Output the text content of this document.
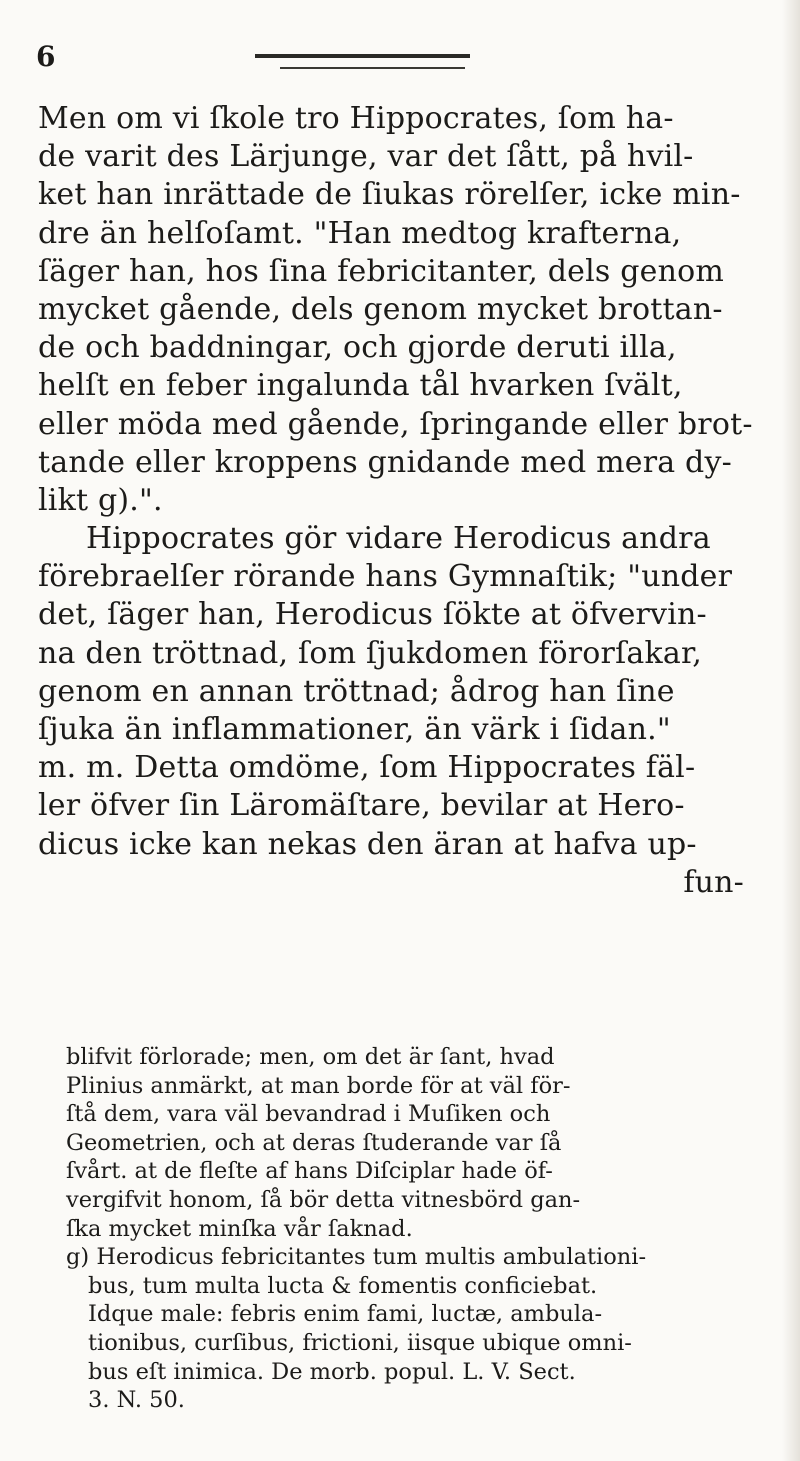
6
Men om vi ſkole tro Hippocrates, ſom ha-
de varit des Lärjunge, var det ſått, på hvil-
ket han inrättade de ſiukas rörelſer, icke min-
dre än helſoſamt. "Han medtog krafterna,
ſäger han, hos ſina febricitanter, dels genom
mycket gående, dels genom mycket brottan-
de och baddningar, och gjorde deruti illa,
helſt en feber ingalunda tål hvarken ſvält,
eller möda med gående, ſpringande eller brot-
tande eller kroppens gnidande med mera dy-
likt g).".
Hippocrates gör vidare Herodicus andra
förebraelſer rörande hans Gymnaſtik; "under
det, ſäger han, Herodicus ſökte at öfvervin-
na den tröttnad, ſom ſjukdomen förorſakar,
genom en annan tröttnad; ådrog han ſine
ſjuka än inflammationer, än värk i ſidan."
m. m. Detta omdöme, ſom Hippocrates fäl-
ler öfver ſin Läromäſtare, bevilar at Hero-
dicus icke kan nekas den äran at hafva up-
fun-
blifvit förlorade; men, om det är ſant, hvad
Plinius anmärkt, at man borde för at väl för-
ſtå dem, vara väl bevandrad i Muſiken och
Geometrien, och at deras ſtuderande var ſå
ſvårt. at de fleſte af hans Diſciplar hade öf-
vergifvit honom, ſå bör detta vitnesbörd gan-
ſka mycket minſka vår ſaknad.
g) Herodicus febricitantes tum multis ambulationi-
bus, tum multa lucta & fomentis conficiebat.
Idque male: febris enim fami, luctæ, ambula-
tionibus, curſibus, frictioni, iisque ubique omni-
bus eſt inimica. De morb. popul. L. V. Sect.
3. N. 50.
